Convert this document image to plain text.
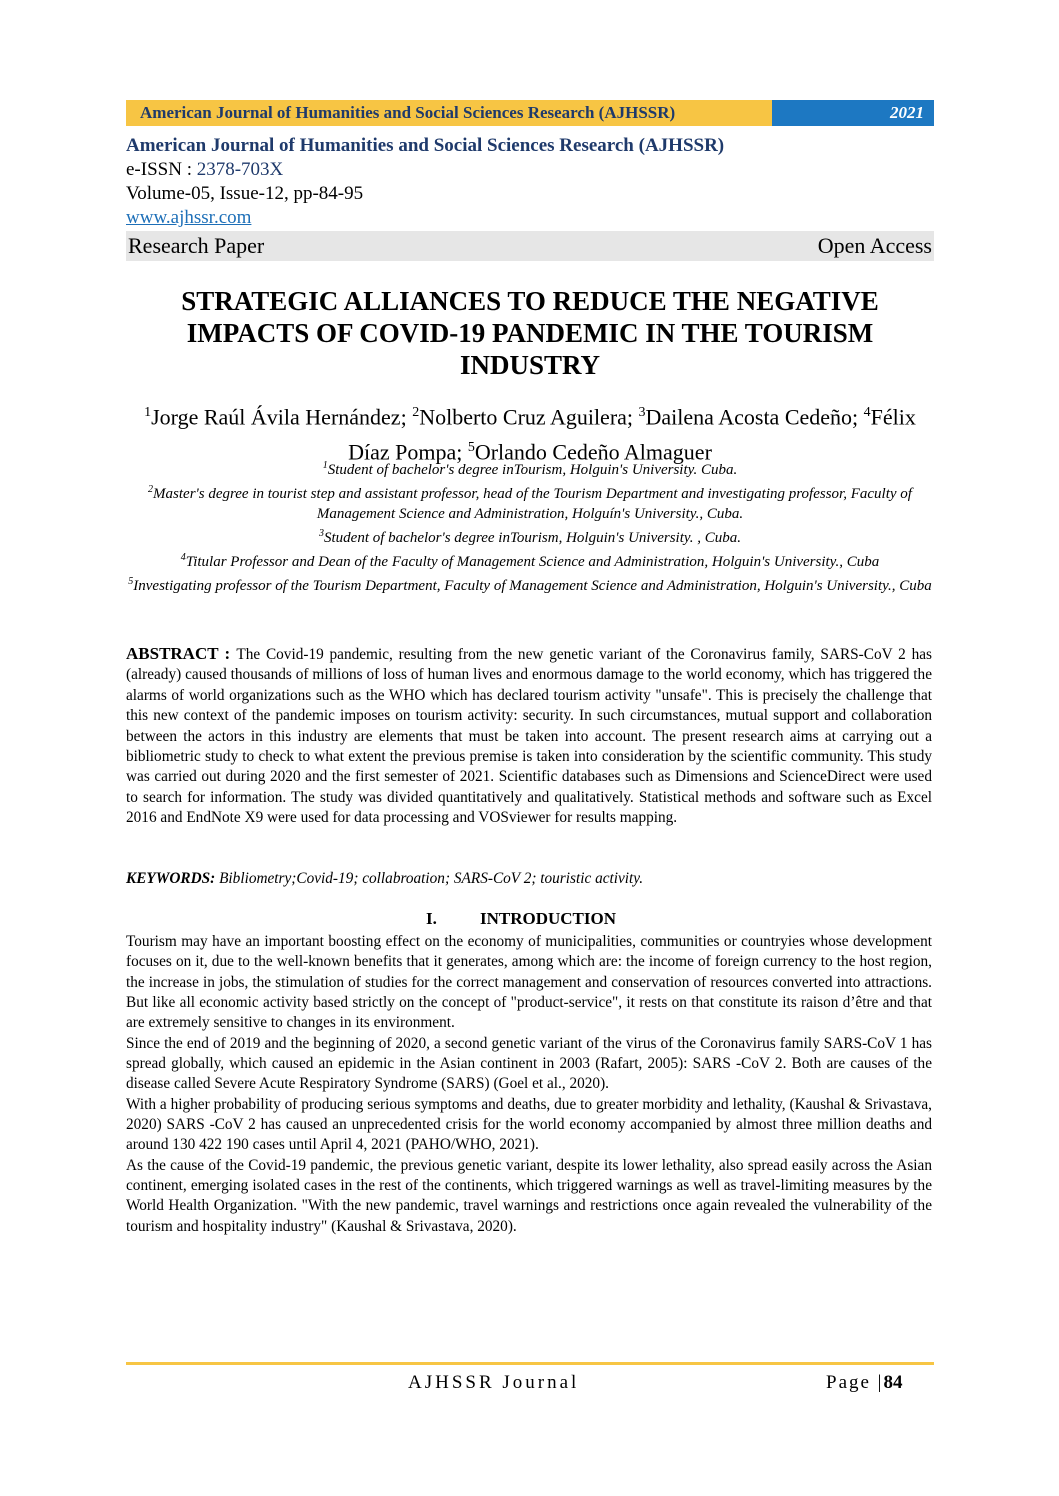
American Journal of Humanities and Social Sciences Research (AJHSSR)	2021
American Journal of Humanities and Social Sciences Research (AJHSSR)
e-ISSN : 2378-703X
Volume-05, Issue-12, pp-84-95
www.ajhssr.com
Research Paper	Open Access
STRATEGIC ALLIANCES TO REDUCE THE NEGATIVE IMPACTS OF COVID-19 PANDEMIC IN THE TOURISM INDUSTRY
$^1$Jorge Raúl Ávila Hernández; $^2$Nolberto Cruz Aguilera; $^3$Dailena Acosta Cedeño; $^4$Félix Díaz Pompa; $^5$Orlando Cedeño Almaguer

$^1$Student of bachelor's degree inTourism, Holguin's University. Cuba.

$^2$Master's degree in tourist step and assistant professor, head of the Tourism Department and investigating professor, Faculty of Management Science and Administration, Holguín's University., Cuba.

$^3$Student of bachelor's degree inTourism, Holguin's University. , Cuba.

$^4$Titular Professor and Dean of the Faculty of Management Science and Administration, Holguin's University., Cuba

$^5$Investigating professor of the Tourism Department, Faculty of Management Science and Administration, Holguin's University., Cuba

ABSTRACT : The Covid-19 pandemic, resulting from the new genetic variant of the Coronavirus family, SARS-CoV 2 has (already) caused thousands of millions of loss of human lives and enormous damage to the world economy, which has triggered the alarms of world organizations such as the WHO which has declared tourism activity "unsafe". This is precisely the challenge that this new context of the pandemic imposes on tourism activity: security. In such circumstances, mutual support and collaboration between the actors in this industry are elements that must be taken into account. The present research aims at carrying out a bibliometric study to check to what extent the previous premise is taken into consideration by the scientific community. This study was carried out during 2020 and the first semester of 2021. Scientific databases such as Dimensions and ScienceDirect were used to search for information. The study was divided quantitatively and qualitatively. Statistical methods and software such as Excel 2016 and EndNote X9 were used for data processing and VOSviewer for results mapping.
KEYWORDS: Bibliometry;Covid-19; collabroation; SARS-CoV 2; touristic activity.
I.	INTRODUCTION

Tourism may have an important boosting effect on the economy of municipalities, communities or countryies whose development focuses on it, due to the well-known benefits that it generates, among which are: the income of foreign currency to the host region, the increase in jobs, the stimulation of studies for the correct management and conservation of resources converted into attractions. But like all economic activity based strictly on the concept of "product-service", it rests on that constitute its raison d’être and that are extremely sensitive to changes in its environment.

Since the end of 2019 and the beginning of 2020, a second genetic variant of the virus of the Coronavirus family SARS-CoV 1 has spread globally, which caused an epidemic in the Asian continent in 2003 (Rafart, 2005): SARS -CoV 2. Both are causes of the disease called Severe Acute Respiratory Syndrome (SARS) (Goel et al., 2020).

With a higher probability of producing serious symptoms and deaths, due to greater morbidity and lethality, (Kaushal & Srivastava, 2020) SARS -CoV 2 has caused an unprecedented crisis for the world economy accompanied by almost three million deaths and around 130 422 190 cases until April 4, 2021 (PAHO/WHO, 2021).

As the cause of the Covid-19 pandemic, the previous genetic variant, despite its lower lethality, also spread easily across the Asian continent, emerging isolated cases in the rest of the continents, which triggered warnings as well as travel-limiting measures by the World Health Organization. "With the new pandemic, travel warnings and restrictions once again revealed the vulnerability of the tourism and hospitality industry" (Kaushal & Srivastava, 2020).

AJHSSR Journal	Page |84
